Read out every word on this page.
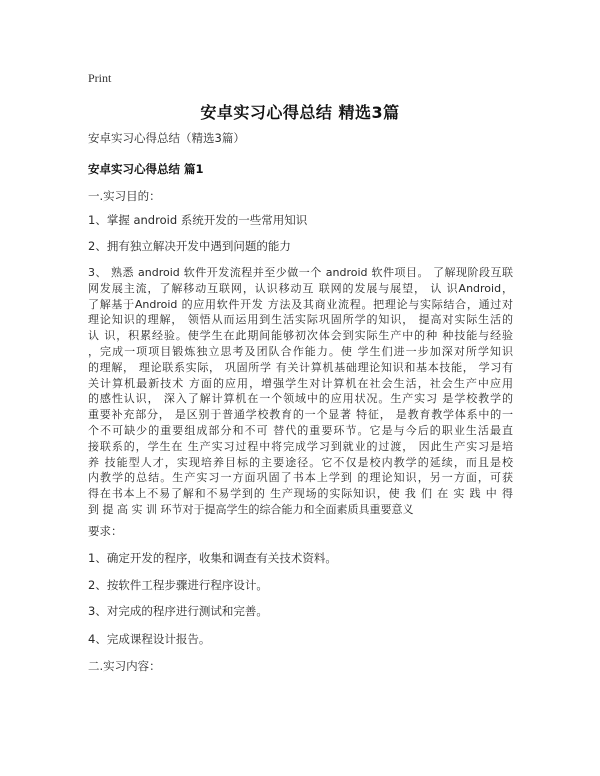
Print
安卓实习心得总结 精选3篇
安卓实习心得总结（精选3篇）
安卓实习心得总结 篇1
一.实习目的：
1、掌握 android 系统开发的一些常用知识
2、拥有独立解决开发中遇到问题的能力
3、 熟悉 android 软件开发流程并至少做一个 android 软件项目。 了解现阶段互联
网发展主流，了解移动互联网，认识移动互 联网的发展与展望， 认 识Android，
了解基于Android 的应用软件开发 方法及其商业流程。把理论与实际结合，通过对
理论知识的理解， 领悟从而运用到生活实际巩固所学的知识， 提高对实际生活的
认 识，积累经验。使学生在此期间能够初次体会到实际生产中的种 种技能与经验
，完成一项项目锻炼独立思考及团队合作能力。使 学生们进一步加深对所学知识
的理解， 理论联系实际， 巩固所学 有关计算机基础理论知识和基本技能， 学习有
关计算机最新技术 方面的应用，增强学生对计算机在社会生活，社会生产中应用
的感性认识， 深入了解计算机在一个领域中的应用状况。生产实习 是学校教学的
重要补充部分， 是区别于普通学校教育的一个显著 特征， 是教育教学体系中的一
个不可缺少的重要组成部分和不可 替代的重要环节。它是与今后的职业生活最直
接联系的，学生在 生产实习过程中将完成学习到就业的过渡， 因此生产实习是培
养 技能型人才，实现培养目标的主要途径。它不仅是校内教学的延续，而且是校
内教学的总结。生产实习一方面巩固了书本上学到 的理论知识，另一方面，可获
得在书本上不易了解和不易学到的 生产现场的实际知识，使 我 们 在 实 践 中 得
到 提 高 实 训 环节对于提高学生的综合能力和全面素质具重要意义
要求：
1、确定开发的程序，收集和调查有关技术资料。
2、按软件工程步骤进行程序设计。
3、对完成的程序进行测试和完善。
4、完成课程设计报告。
二.实习内容：
